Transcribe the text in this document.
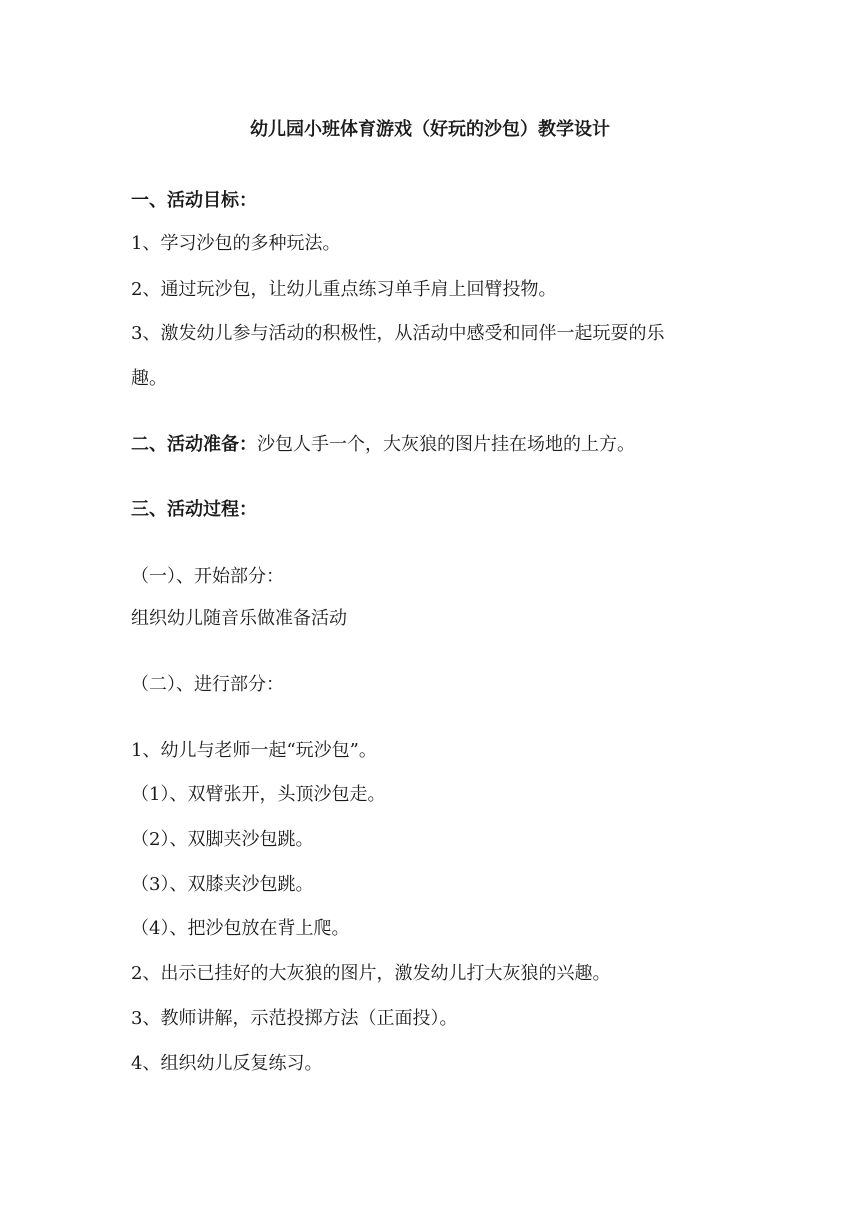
幼儿园小班体育游戏（好玩的沙包）教学设计
一、活动目标：
1、学习沙包的多种玩法。
2、通过玩沙包，让幼儿重点练习单手肩上回臂投物。
3、激发幼儿参与活动的积极性，从活动中感受和同伴一起玩耍的乐
趣。
二、活动准备：沙包人手一个，大灰狼的图片挂在场地的上方。
三、活动过程：
（一）、开始部分：
组织幼儿随音乐做准备活动
（二）、进行部分：
1、幼儿与老师一起“玩沙包”。
（1）、双臂张开，头顶沙包走。
（2）、双脚夹沙包跳。
（3）、双膝夹沙包跳。
（4）、把沙包放在背上爬。
2、出示已挂好的大灰狼的图片，激发幼儿打大灰狼的兴趣。
3、教师讲解，示范投掷方法（正面投）。
4、组织幼儿反复练习。
